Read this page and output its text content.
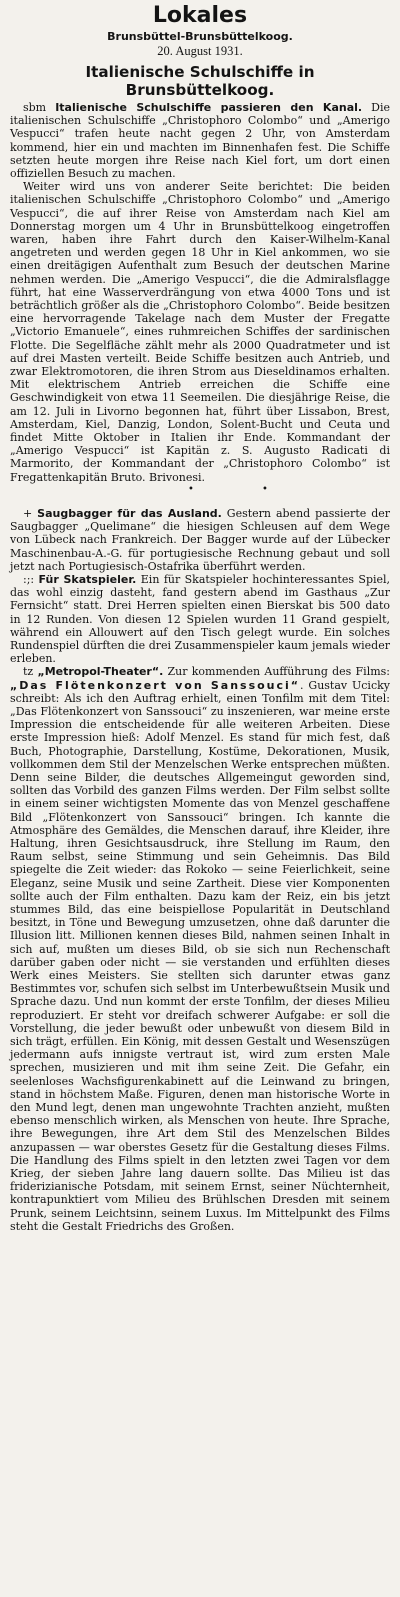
Lokales
Brunsbüttel-Brunsbüttelkoog.
20. August 1931.
Italienische Schulschiffe in Brunsbüttelkoog.

sbm Italienische Schulschiffe passieren den Kanal. Die italienischen Schulschiffe „Christophoro Colombo“ und „Amerigo Vespucci“ trafen heute nacht gegen 2 Uhr, von Amsterdam kommend, hier ein und machten im Binnenhafen fest. Die Schiffe setzten heute morgen ihre Reise nach Kiel fort, um dort einen offiziellen Besuch zu machen.

Weiter wird uns von anderer Seite berichtet: Die beiden italienischen Schulschiffe „Christophoro Colombo“ und „Amerigo Vespucci“, die auf ihrer Reise von Amsterdam nach Kiel am Donnerstag morgen um 4 Uhr in Brunsbüttelkoog eingetroffen waren, haben ihre Fahrt durch den Kaiser-Wilhelm-Kanal angetreten und werden gegen 18 Uhr in Kiel ankommen, wo sie einen dreitägigen Aufenthalt zum Besuch der deutschen Marine nehmen werden. Die „Amerigo Vespucci“, die die Admiralsflagge führt, hat eine Wasserverdrängung von etwa 4000 Tons und ist beträchtlich größer als die „Christophoro Colombo“. Beide besitzen eine hervorragende Takelage nach dem Muster der Fregatte „Victorio Emanuele“, eines ruhmreichen Schiffes der sardinischen Flotte. Die Segelfläche zählt mehr als 2000 Quadratmeter und ist auf drei Masten verteilt. Beide Schiffe besitzen auch Antrieb, und zwar Elektromotoren, die ihren Strom aus Dieseldinamos erhalten. Mit elektrischem Antrieb erreichen die Schiffe eine Geschwindigkeit von etwa 11 Seemeilen. Die diesjährige Reise, die am 12. Juli in Livorno begonnen hat, führt über Lissabon, Brest, Amsterdam, Kiel, Danzig, London, Solent-Bucht und Ceuta und findet Mitte Oktober in Italien ihr Ende. Kommandant der „Amerigo Vespucci“ ist Kapitän z. S. Augusto Radicati di Marmorito, der Kommandant der „Christophoro Colombo“ ist Fregattenkapitän Bruto. Brivonesi.

•	•

+ Saugbagger für das Ausland. Gestern abend passierte der Saugbagger „Quelimane“ die hiesigen Schleusen auf dem Wege von Lübeck nach Frankreich. Der Bagger wurde auf der Lübecker Maschinenbau-A.-G. für portugiesische Rechnung gebaut und soll jetzt nach Portugiesisch-Ostafrika überführt werden.

:;: Für Skatspieler. Ein für Skatspieler hochinteressantes Spiel, das wohl einzig dasteht, fand gestern abend im Gasthaus „Zur Fernsicht“ statt. Drei Herren spielten einen Bierskat bis 500 dato in 12 Runden. Von diesen 12 Spielen wurden 11 Grand gespielt, während ein Allouwert auf den Tisch gelegt wurde. Ein solches Rundenspiel dürften die drei Zusammenspieler kaum jemals wieder erleben.

tz „Metropol-Theater“. Zur kommenden Aufführung des Films: „Das Flötenkonzert von Sanssouci“. Gustav Ucicky schreibt: Als ich den Auftrag erhielt, einen Tonfilm mit dem Titel: „Das Flötenkonzert von Sanssouci“ zu inszenieren, war meine erste Impression die entscheidende für alle weiteren Arbeiten. Diese erste Impression hieß: Adolf Menzel. Es stand für mich fest, daß Buch, Photographie, Darstellung, Kostüme, Dekorationen, Musik, vollkommen dem Stil der Menzelschen Werke entsprechen müßten. Denn seine Bilder, die deutsches Allgemeingut geworden sind, sollten das Vorbild des ganzen Films werden. Der Film selbst sollte in einem seiner wichtigsten Momente das von Menzel geschaffene Bild „Flötenkonzert von Sanssouci“ bringen. Ich kannte die Atmosphäre des Gemäldes, die Menschen darauf, ihre Kleider, ihre Haltung, ihren Gesichtsausdruck, ihre Stellung im Raum, den Raum selbst, seine Stimmung und sein Geheimnis. Das Bild spiegelte die Zeit wieder: das Rokoko — seine Feierlichkeit, seine Eleganz, seine Musik und seine Zartheit. Diese vier Komponenten sollte auch der Film enthalten. Dazu kam der Reiz, ein bis jetzt stummes Bild, das eine beispiellose Popularität in Deutschland besitzt, in Töne und Bewegung umzusetzen, ohne daß darunter die Illusion litt. Millionen kennen dieses Bild, nahmen seinen Inhalt in sich auf, mußten um dieses Bild, ob sie sich nun Rechenschaft darüber gaben oder nicht — sie verstanden und erfühlten dieses Werk eines Meisters. Sie stellten sich darunter etwas ganz Bestimmtes vor, schufen sich selbst im Unterbewußtsein Musik und Sprache dazu. Und nun kommt der erste Tonfilm, der dieses Milieu reproduziert. Er steht vor dreifach schwerer Aufgabe: er soll die Vorstellung, die jeder bewußt oder unbewußt von diesem Bild in sich trägt, erfüllen. Ein König, mit dessen Gestalt und Wesenszügen jedermann aufs innigste vertraut ist, wird zum ersten Male sprechen, musizieren und mit ihm seine Zeit. Die Gefahr, ein seelenloses Wachsfigurenkabinett auf die Leinwand zu bringen, stand in höchstem Maße. Figuren, denen man historische Worte in den Mund legt, denen man ungewohnte Trachten anzieht, mußten ebenso menschlich wirken, als Menschen von heute. Ihre Sprache, ihre Bewegungen, ihre Art dem Stil des Menzelschen Bildes anzupassen — war oberstes Gesetz für die Gestaltung dieses Films. Die Handlung des Films spielt in den letzten zwei Tagen vor dem Krieg, der sieben Jahre lang dauern sollte. Das Milieu ist das friderizianische Potsdam, mit seinem Ernst, seiner Nüchternheit, kontrapunktiert vom Milieu des Brühlschen Dresden mit seinem Prunk, seinem Leichtsinn, seinem Luxus. Im Mittelpunkt des Films steht die Gestalt Friedrichs des Großen.
